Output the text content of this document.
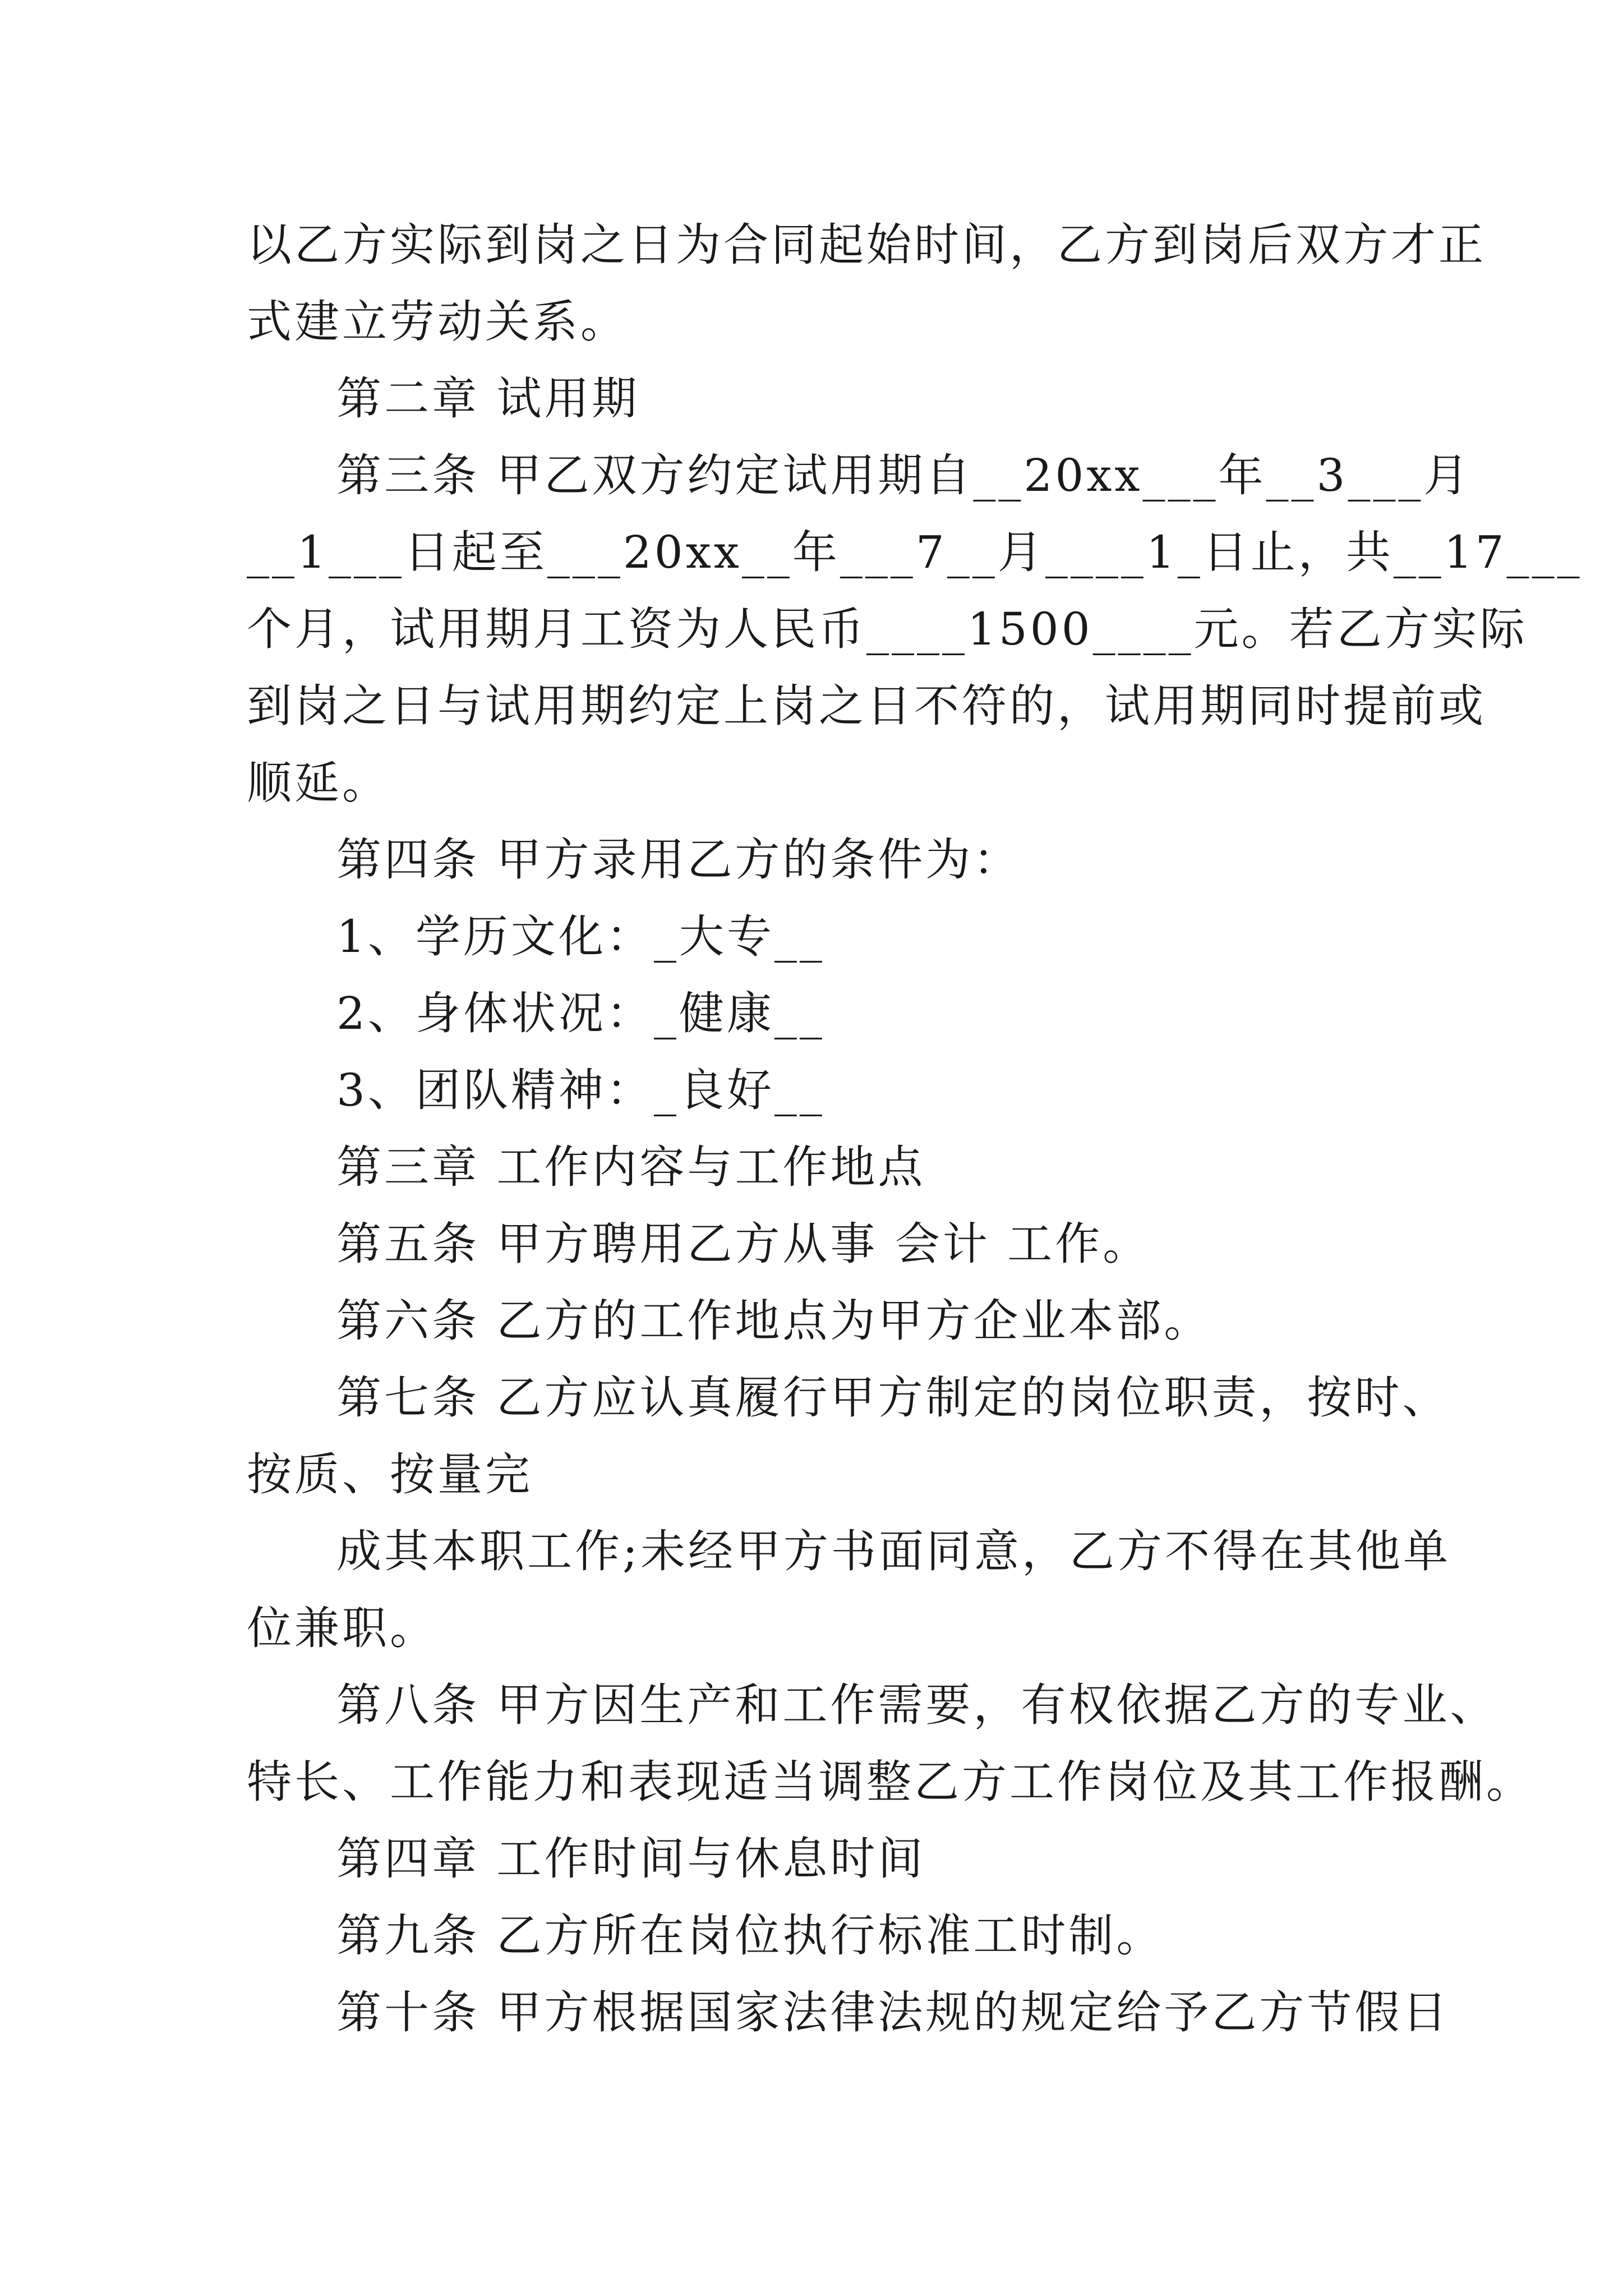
以乙方实际到岗之日为合同起始时间，乙方到岗后双方才正
式建立劳动关系。
第二章 试用期
第三条 甲乙双方约定试用期自__20xx___年__3___月
__1___日起至___20xx__年___7__月____1_日止，共__17___
个月，试用期月工资为人民币____1500____元。若乙方实际
到岗之日与试用期约定上岗之日不符的，试用期同时提前或
顺延。
第四条 甲方录用乙方的条件为：
1、学历文化：_大专__
2、身体状况：_健康__
3、团队精神：_良好__
第三章 工作内容与工作地点
第五条 甲方聘用乙方从事 会计 工作。
第六条 乙方的工作地点为甲方企业本部。
第七条 乙方应认真履行甲方制定的岗位职责，按时、
按质、按量完
成其本职工作;未经甲方书面同意，乙方不得在其他单
位兼职。
第八条 甲方因生产和工作需要，有权依据乙方的专业、
特长、工作能力和表现适当调整乙方工作岗位及其工作报酬。
第四章 工作时间与休息时间
第九条 乙方所在岗位执行标准工时制。
第十条 甲方根据国家法律法规的规定给予乙方节假日
